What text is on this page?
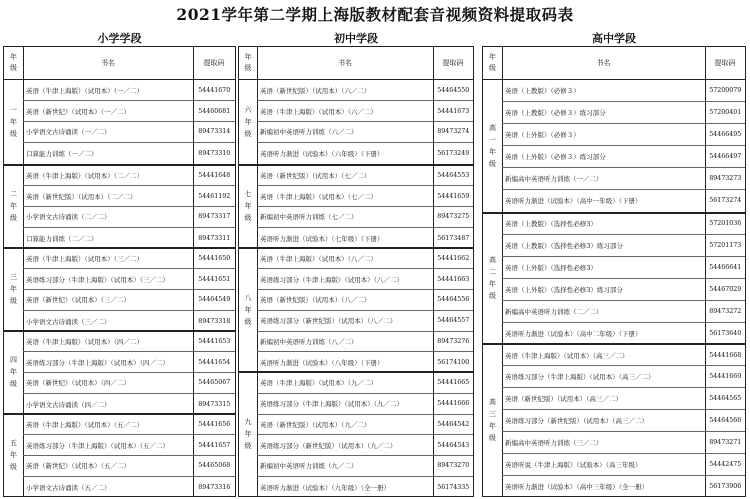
2021学年第二学期上海版教材配套音视频资料提取码表
小学学段
年
级
书名	提取码
一
年
级
英语（牛津上海版）（试用本）（一／二）	54441670
英语（新世纪）（试用本）（一／二）	54460681
小学语文古诗诵读（一／二）	89473314
口算能力训练（一／二）	89473310
二
年
级
英语（牛津上海版）（试用本）（二／二）	54441648
英语（新世纪版）（试用本）（二／二）	54461192
小学语文古诗诵读（二／二）	89473317
口算能力训练（二／二）	89473311
三
年
级
英语（牛津上海版）（试用本）（三／二）	54441650
英语练习部分（牛津上海版）（试用本）（三／二）	54441651
英语（新世纪）（试用本）（三／二）	54464549
小学语文古诗诵读（三／二）	89473318
四
年
级
英语（牛津上海版）（试用本）（四／二）	54441653
英语练习部分（牛津上海版）（试用本）（四／二）	54441654
英语（新世纪）（试用本）（四／二）	54465067
小学语文古诗诵读（四／二）	89473315
五
年
级
英语（牛津上海版）（试用本）（五／二）	54441656
英语练习部分（牛津上海版）（试用本）（五／二）	54441657
英语（新世纪）（试用本）（五／二）	54465068
小学语文古诗诵读（五／二）	89473316
初中学段
年
级
书名	提取码
六
年
级
英语（新世纪版）（试用本）（六／二）	54464550
英语（牛津上海版）（试用本）（六／二）	54441673
新编初中英语听力训练（六／二）	89473274
英语听力渐进（试验本）（六年级）（下册）	56173249
七
年
级
英语（新世纪版）（试用本）（七／二）	54464553
英语（牛津上海版）（试用本）（七／二）	54441659
新编初中英语听力训练（七／二）	89473275
英语听力渐进（试验本）（七年级）（下册）	56173487
八
年
级
英语（牛津上海版）（试用本）（八／二）	54441662
英语练习部分（牛津上海版）（试用本）（八／二）	54441663
英语（新世纪版）（试用本）（八／二）	54464556
英语练习部分（新世纪版）（试用本）（八／二）	54464557
新编初中英语听力训练（八／二）	89473276
英语听力渐进（试验本）（八年级）（下册）	56174100
九
年
级
英语（牛津上海版）（试用本）（九／二）	54441665
英语练习部分（牛津上海版）（试用本）（九／二）	54441666
英语（新世纪版）（试用本）（九／二）	54464542
英语练习部分（新世纪版）（试用本）（九／二）	54464543
新编初中英语听力训练（九／二）	89473270
英语听力渐进（试验本）（九年级）（全一册）	56174335
高中学段
年
级
书名	提取码
高
一
年
级
英语（上教版）（必修３）	57200079
英语（上教版）（必修３）练习部分	57200401
英语（上外版）（必修３）	54466495
英语（上外版）（必修３）练习部分	54466497
新编高中英语听力训练（一／二）	89473273
英语听力渐进（试验本）（高中一年级）（下册）	56173274
高
二
年
级
英语（上教版）（选择性必修3）	57201036
英语（上教版）（选择性必修3）练习部分	57201173
英语（上外版）（选择性必修3）	54466641
英语（上外版）（选择性必修3）练习部分	54467029
新编高中英语听力训练（二／二）	89473272
英语听力渐进（试验本）（高中二年级）（下册）	56173640
高
三
年
级
英语（牛津上海版）（试用本）（高三／二）	54441668
英语练习部分（牛津上海版）（试用本）（高三／二）	54441669
英语（新世纪版）（试用本）（高三／二）	54464565
英语练习部分（新世纪版）（试用本）（高三／二）	54464566
新编高中英语听力训练（三／二）	89473271
英语听说（牛津上海版）（试验本）（高三年级）	54442475
英语听力渐进（试验本）（高中三年级）（全一册）	56173906
